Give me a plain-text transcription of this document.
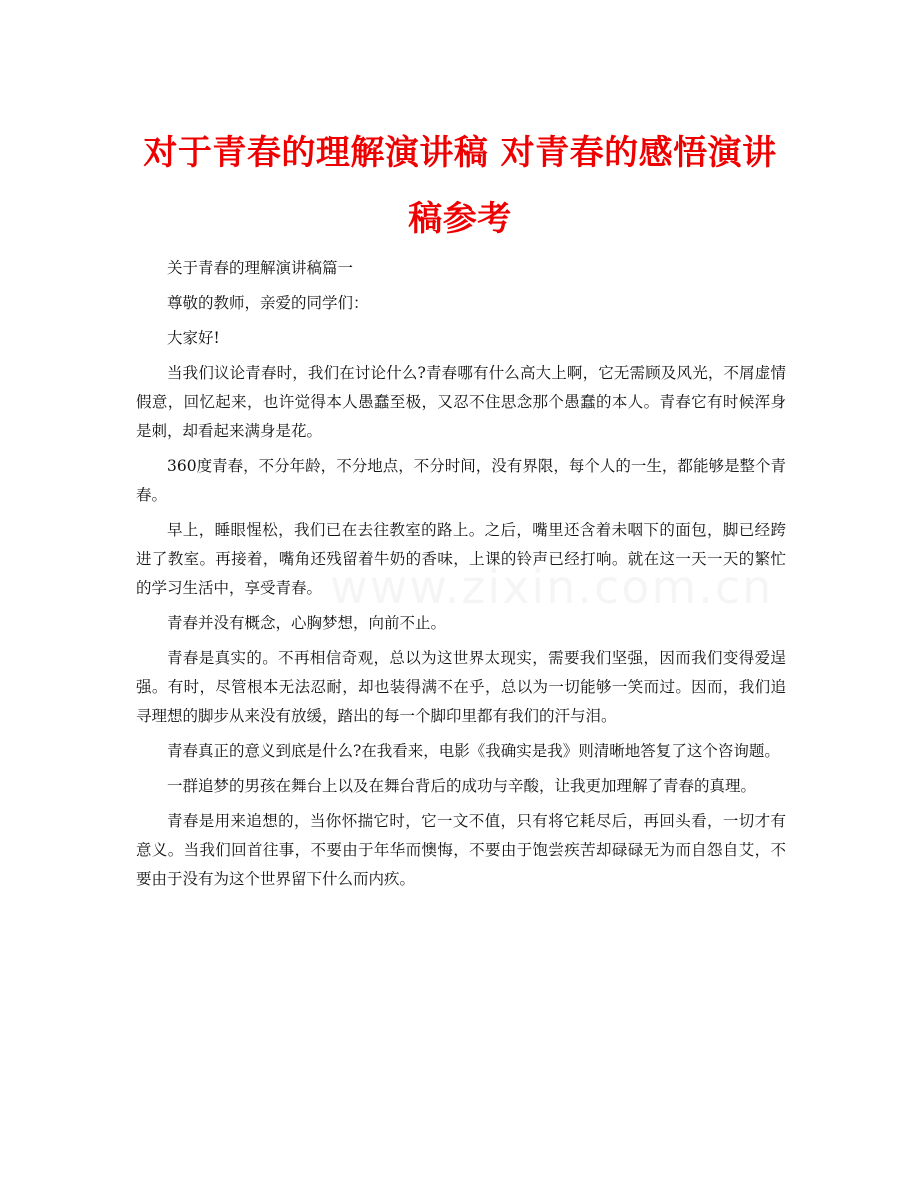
对于青春的理解演讲稿 对青春的感悟演讲
稿参考

关于青春的理解演讲稿篇一

尊敬的教师，亲爱的同学们：

大家好!

当我们议论青春时，我们在讨论什么?青春哪有什么高大上啊，它无需顾及风光，不屑虚情假意，回忆起来，也许觉得本人愚蠢至极，又忍不住思念那个愚蠢的本人。青春它有时候浑身是刺，却看起来满身是花。

360度青春，不分年龄，不分地点，不分时间，没有界限，每个人的一生，都能够是整个青春。

早上，睡眼惺松，我们已在去往教室的路上。之后，嘴里还含着未咽下的面包，脚已经跨进了教室。再接着，嘴角还残留着牛奶的香味，上课的铃声已经打响。就在这一天一天的繁忙的学习生活中，享受青春。

青春并没有概念，心胸梦想，向前不止。

青春是真实的。不再相信奇观，总以为这世界太现实，需要我们坚强，因而我们变得爱逞强。有时，尽管根本无法忍耐，却也装得满不在乎，总以为一切能够一笑而过。因而，我们追寻理想的脚步从来没有放缓，踏出的每一个脚印里都有我们的汗与泪。

青春真正的意义到底是什么?在我看来，电影《我确实是我》则清晰地答复了这个咨询题。

一群追梦的男孩在舞台上以及在舞台背后的成功与辛酸，让我更加理解了青春的真理。

青春是用来追想的，当你怀揣它时，它一文不值，只有将它耗尽后，再回头看，一切才有意义。当我们回首往事，不要由于年华而懊悔，不要由于饱尝疾苦却碌碌无为而自怨自艾，不要由于没有为这个世界留下什么而内疚。
